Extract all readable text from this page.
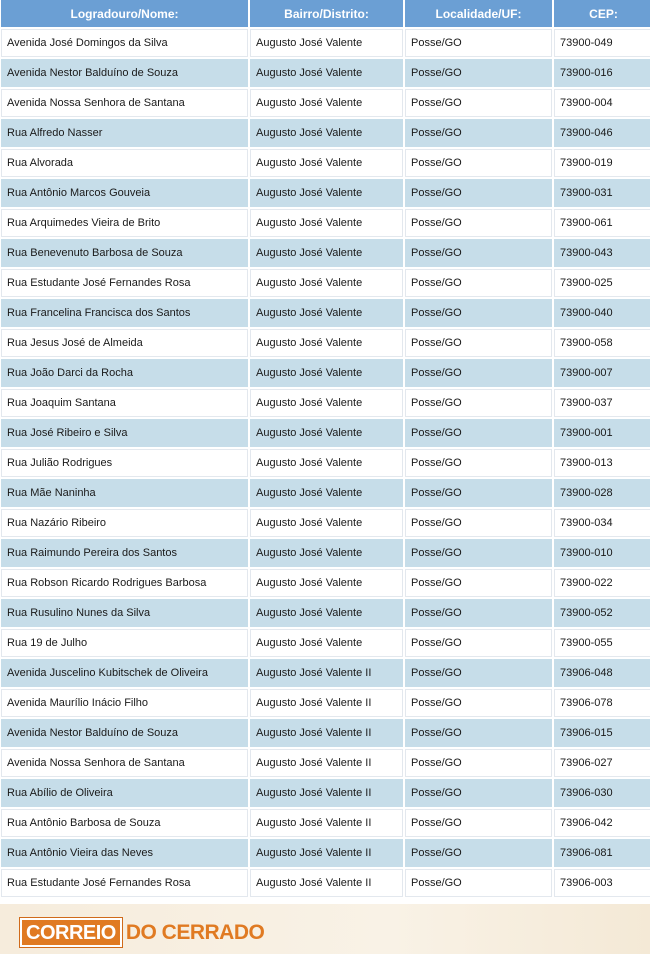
Logradouro/Nome:	Bairro/Distrito:	Localidade/UF:	CEP:
Avenida José Domingos da Silva	Augusto José Valente	Posse/GO	73900-049
Avenida Nestor Balduíno de Souza	Augusto José Valente	Posse/GO	73900-016
Avenida Nossa Senhora de Santana	Augusto José Valente	Posse/GO	73900-004
Rua Alfredo Nasser	Augusto José Valente	Posse/GO	73900-046
Rua Alvorada	Augusto José Valente	Posse/GO	73900-019
Rua Antônio Marcos Gouveia	Augusto José Valente	Posse/GO	73900-031
Rua Arquimedes Vieira de Brito	Augusto José Valente	Posse/GO	73900-061
Rua Benevenuto Barbosa de Souza	Augusto José Valente	Posse/GO	73900-043
Rua Estudante José Fernandes Rosa	Augusto José Valente	Posse/GO	73900-025
Rua Francelina Francisca dos Santos	Augusto José Valente	Posse/GO	73900-040
Rua Jesus José de Almeida	Augusto José Valente	Posse/GO	73900-058
Rua João Darci da Rocha	Augusto José Valente	Posse/GO	73900-007
Rua Joaquim Santana	Augusto José Valente	Posse/GO	73900-037
Rua José Ribeiro e Silva	Augusto José Valente	Posse/GO	73900-001
Rua Julião Rodrigues	Augusto José Valente	Posse/GO	73900-013
Rua Mãe Naninha	Augusto José Valente	Posse/GO	73900-028
Rua Nazário Ribeiro	Augusto José Valente	Posse/GO	73900-034
Rua Raimundo Pereira dos Santos	Augusto José Valente	Posse/GO	73900-010
Rua Robson Ricardo Rodrigues Barbosa	Augusto José Valente	Posse/GO	73900-022
Rua Rusulino Nunes da Silva	Augusto José Valente	Posse/GO	73900-052
Rua 19 de Julho	Augusto José Valente	Posse/GO	73900-055
Avenida Juscelino Kubitschek de Oliveira	Augusto José Valente II	Posse/GO	73906-048
Avenida Maurílio Inácio Filho	Augusto José Valente II	Posse/GO	73906-078
Avenida Nestor Balduíno de Souza	Augusto José Valente II	Posse/GO	73906-015
Avenida Nossa Senhora de Santana	Augusto José Valente II	Posse/GO	73906-027
Rua Abílio de Oliveira	Augusto José Valente II	Posse/GO	73906-030
Rua Antônio Barbosa de Souza	Augusto José Valente II	Posse/GO	73906-042
Rua Antônio Vieira das Neves	Augusto José Valente II	Posse/GO	73906-081
Rua Estudante José Fernandes Rosa	Augusto José Valente II	Posse/GO	73906-003
CORREIO DO CERRADO
